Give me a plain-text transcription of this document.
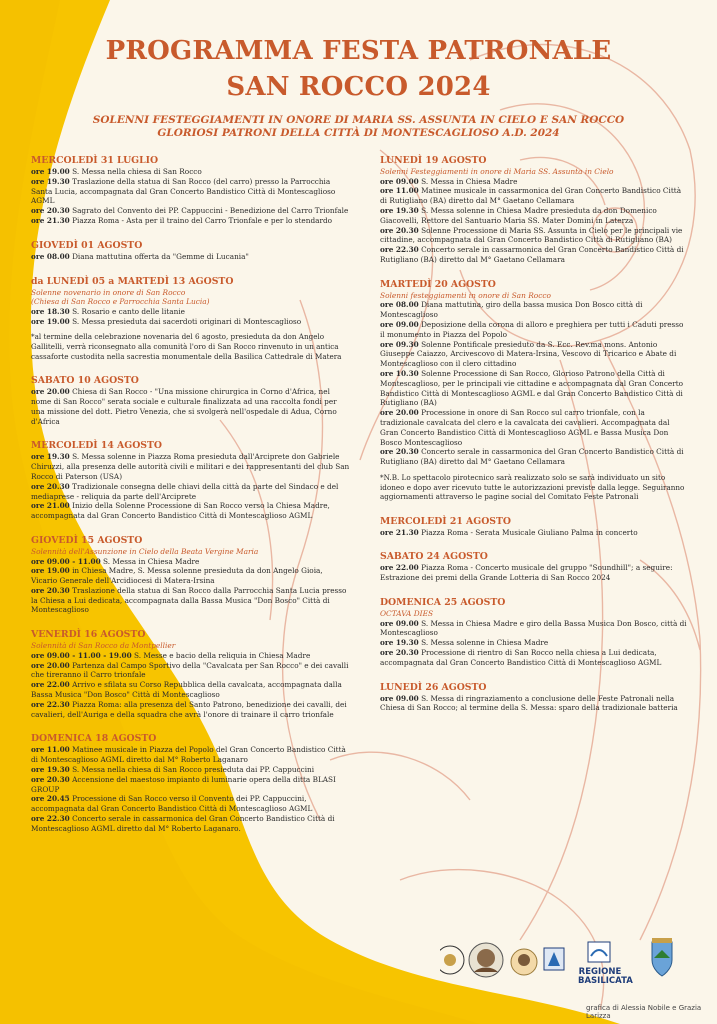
PROGRAMMA FESTA PATRONALE
SAN ROCCO 2024
SOLENNI FESTEGGIAMENTI IN ONORE DI MARIA SS. ASSUNTA IN CIELO E SAN ROCCO
GLORIOSI PATRONI DELLA CITTÀ DI MONTESCAGLIOSO A.D. 2024
MERCOLEDÌ 31 LUGLIO
ore 19.00 S. Messa nella chiesa di San Rocco
ore 19.30 Traslazione della statua di San Rocco (del carro) presso la Parrocchia Santa Lucia, accompagnata dal Gran Concerto Bandistico Città di Montescaglioso AGML
ore 20.30 Sagrato del Convento dei PP. Cappuccini - Benedizione del Carro Trionfale
ore 21.30 Piazza Roma - Asta per il traino del Carro Trionfale e per lo stendardo
GIOVEDÌ 01 AGOSTO
ore 08.00 Diana mattutina offerta da "Gemme di Lucania"
da LUNEDÌ 05 a MARTEDÌ 13 AGOSTO
Solenne novenario in onore di San Rocco
(Chiesa di San Rocco e Parrocchia Santa Lucia)
ore 18.30 S. Rosario e canto delle litanie
ore 19.00 S. Messa presieduta dai sacerdoti originari di Montescaglioso
*al termine della celebrazione novenaria del 6 agosto, presieduta da don Angelo Gallitelli, verrà riconsegnato alla comunità l'oro di San Rocco rinvenuto in un antica cassaforte custodita nella sacrestia monumentale della Basilica Cattedrale di Matera
SABATO 10 AGOSTO
ore 20.00 Chiesa di San Rocco - "Una missione chirurgica in Corno d'Africa, nel nome di San Rocco" serata sociale e culturale finalizzata ad una raccolta fondi per una missione del dott. Pietro Venezia, che si svolgerà nell'ospedale di Adua, Corno d'Africa
MERCOLEDÌ 14 AGOSTO
ore 19.30 S. Messa solenne in Piazza Roma presieduta dall'Arciprete don Gabriele Chiruzzi, alla presenza delle autorità civili e militari e dei rappresentanti del club San Rocco di Paterson (USA)
ore 20.30 Tradizionale consegna delle chiavi della città da parte del Sindaco e del mediaprese - reliquia da parte dell'Arciprete
ore 21.00 Inizio della Solenne Processione di San Rocco verso la Chiesa Madre, accompagnata dal Gran Concerto Bandistico Città di Montescaglioso AGML
GIOVEDÌ 15 AGOSTO
Solennità dell'Assunzione in Cielo della Beata Vergine Maria
ore 09.00 - 11.00 S. Messa in Chiesa Madre
ore 19.00 in Chiesa Madre, S. Messa solenne presieduta da don Angelo Gioia, Vicario Generale dell'Arcidiocesi di Matera-Irsina
ore 20.30 Traslazione della statua di San Rocco dalla Parrocchia Santa Lucia presso la Chiesa a Lui dedicata, accompagnata dalla Bassa Musica "Don Bosco" Città di Montescaglioso
VENERDÌ 16 AGOSTO
Solennità di San Rocco da Montpellier
ore 09.00 - 11.00 - 19.00 S. Messe e bacio della reliquia in Chiesa Madre
ore 20.00 Partenza dal Campo Sportivo della "Cavalcata per San Rocco" e dei cavalli che tireranno il Carro trionfale
ore 22.00 Arrivo e sfilata su Corso Repubblica della cavalcata, accompagnata dalla Bassa Musica "Don Bosco" Città di Montescaglioso
ore 22.30 Piazza Roma: alla presenza del Santo Patrono, benedizione dei cavalli, dei cavalieri, dell'Auriga e della squadra che avrà l'onore di trainare il carro trionfale
DOMENICA 18 AGOSTO
ore 11.00 Matinee musicale in Piazza del Popolo del Gran Concerto Bandistico Città di Montescaglioso AGML diretto dal M° Roberto Laganaro
ore 19.30 S. Messa nella chiesa di San Rocco presieduta dai PP. Cappuccini
ore 20.30 Accensione del maestoso impianto di luminarie opera della ditta BLASI GROUP
ore 20.45 Processione di San Rocco verso il Convento dei PP. Cappuccini, accompagnata dal Gran Concerto Bandistico Città di Montescaglioso AGML
ore 22.30 Concerto serale in cassarmonica del Gran Concerto Bandistico Città di Montescaglioso AGML diretto dal M° Roberto Laganaro.
LUNEDÌ 19 AGOSTO
Solenni Festeggiamenti in onore di Maria SS. Assunta in Cielo
ore 09.00 S. Messa in Chiesa Madre
ore 11.00 Matinee musicale in cassarmonica del Gran Concerto Bandistico Città di Rutigliano (BA) diretto dal M° Gaetano Cellamara
ore 19.30 S. Messa solenne in Chiesa Madre presieduta da don Domenico Giacovelli, Rettore del Santuario Maria SS. Mater Domini in Laterza
ore 20.30 Solenne Processione di Maria SS. Assunta in Cielo per le principali vie cittadine, accompagnata dal Gran Concerto Bandistico Città di Rutigliano (BA)
ore 22.30 Concerto serale in cassarmonica del Gran Concerto Bandistico Città di Rutigliano (BA) diretto dal M° Gaetano Cellamara
MARTEDÌ 20 AGOSTO
Solenni festeggiamenti in onore di San Rocco
ore 08.00 Diana mattutina, giro della bassa musica Don Bosco città di Montescaglioso
ore 09.00 Deposizione della corona di alloro e preghiera per tutti i Caduti presso il monumento in Piazza del Popolo
ore 09.30 Solenne Pontificale presieduto da S. Ecc. Rev.ma mons. Antonio Giuseppe Caiazzo, Arcivescovo di Matera-Irsina, Vescovo di Tricarico e Abate di Montescaglioso con il clero cittadino
ore 10.30 Solenne Processione di San Rocco, Glorioso Patrono della Città di Montescaglioso, per le principali vie cittadine e accompagnata dal Gran Concerto Bandistico Città di Montescaglioso AGML e dal Gran Concerto Bandistico Città di Rutigliano (BA)
ore 20.00 Processione in onore di San Rocco sul carro trionfale, con la tradizionale cavalcata del clero e la cavalcata dei cavalieri. Accompagnata dal Gran Concerto Bandistico Città di Montescaglioso AGML e Bassa Musica Don Bosco Montescaglioso
ore 20.30 Concerto serale in cassarmonica del Gran Concerto Bandistico Città di Rutigliano (BA) diretto dal M° Gaetano Cellamara
*N.B. Lo spettacolo pirotecnico sarà realizzato solo se sarà individuato un sito idoneo e dopo aver ricevuto tutte le autorizzazioni previste dalla legge. Seguiranno aggiornamenti attraverso le pagine social del Comitato Feste Patronali
MERCOLEDÌ 21 AGOSTO
ore 21.30 Piazza Roma - Serata Musicale Giuliano Palma in concerto
SABATO 24 AGOSTO
ore 22.00 Piazza Roma - Concerto musicale del gruppo "Soundhill"; a seguire: Estrazione dei premi della Grande Lotteria di San Rocco 2024
DOMENICA 25 AGOSTO
OCTAVA DIES
ore 09.00 S. Messa in Chiesa Madre e giro della Bassa Musica Don Bosco, città di Montescaglioso
ore 19.30 S. Messa solenne in Chiesa Madre
ore 20.30 Processione di rientro di San Rocco nella chiesa a Lui dedicata, accompagnata dal Gran Concerto Bandistico Città di Montescaglioso AGML
LUNEDÌ 26 AGOSTO
ore 09.00 S. Messa di ringraziamento a conclusione delle Feste Patronali nella Chiesa di San Rocco; al termine della S. Messa: sparo della tradizionale batteria
REGIONE
BASILICATA
grafica di Alessia Nobile e Grazia Larizza
